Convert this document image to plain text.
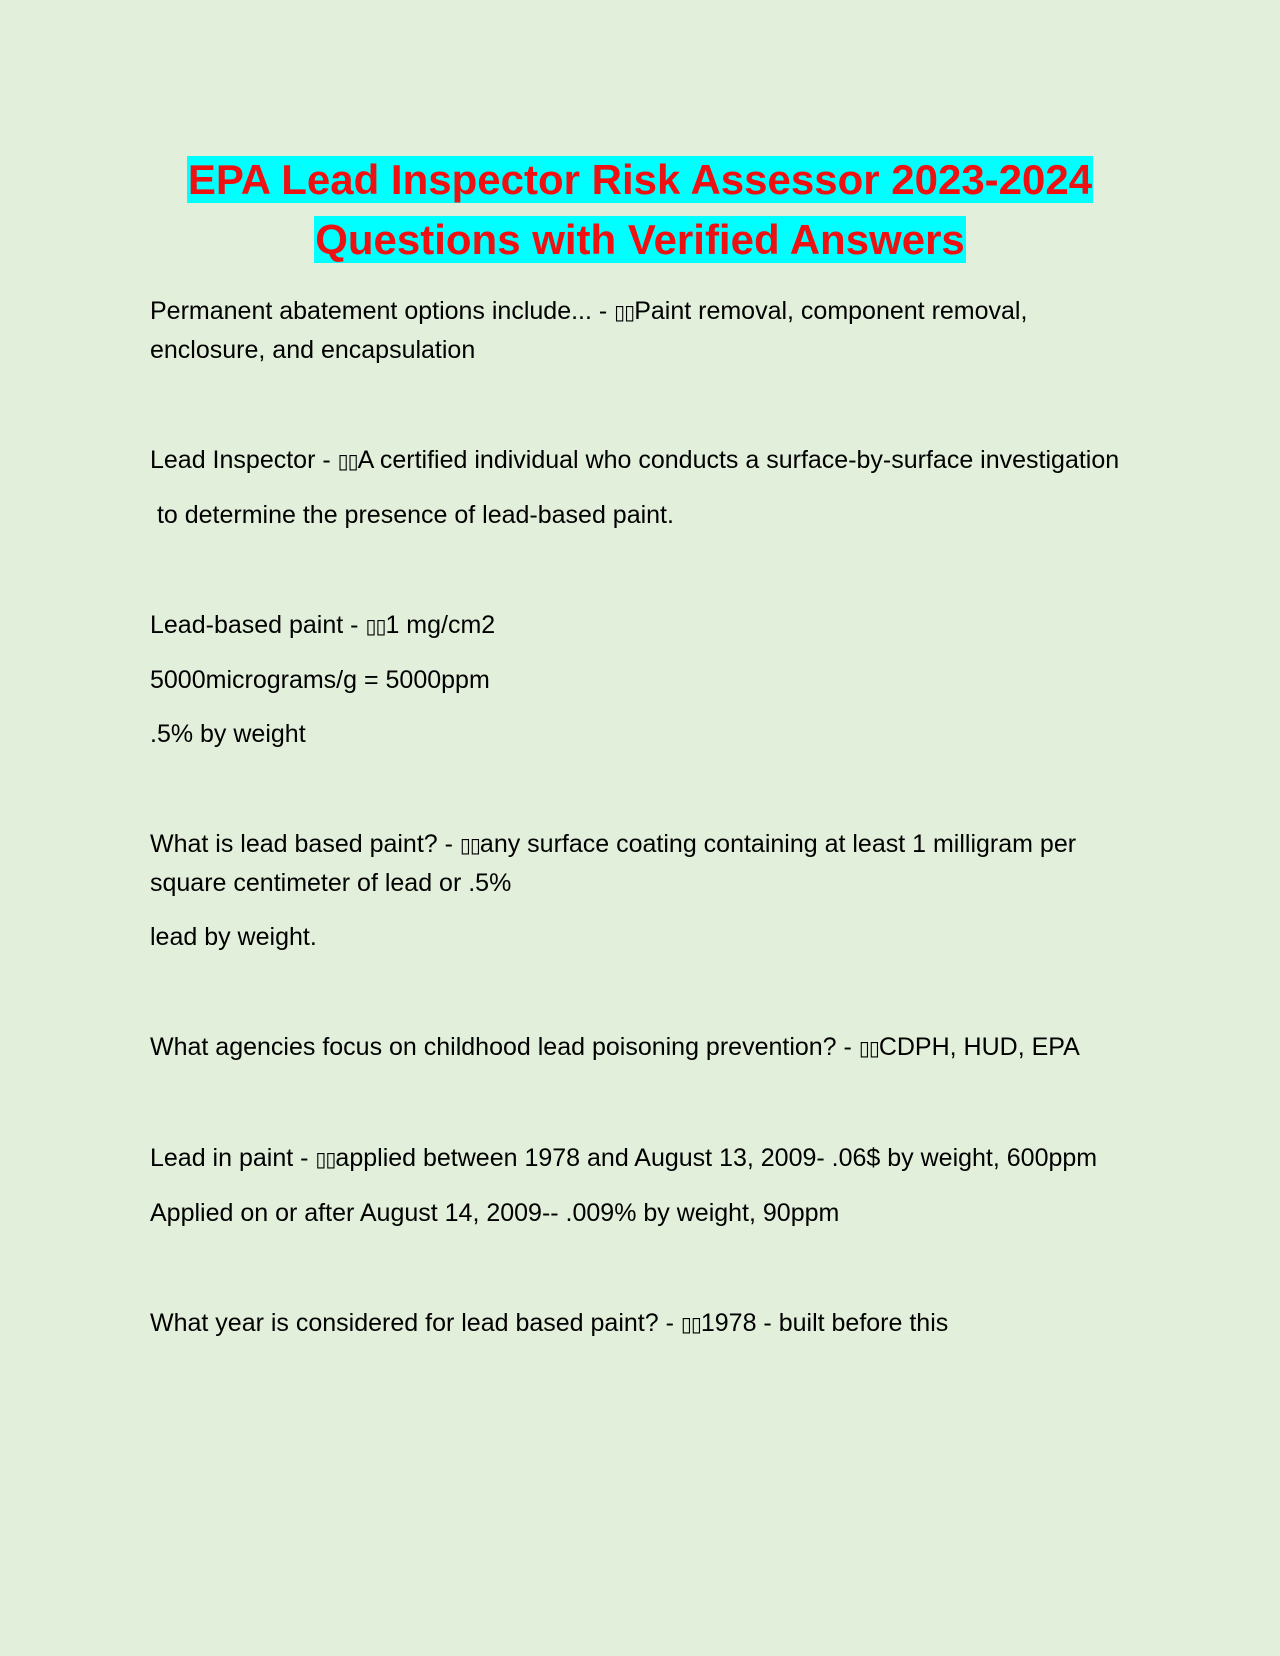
EPA Lead Inspector Risk Assessor 2023-2024 Questions with Verified Answers

Permanent abatement options include... - ▯▯Paint removal, component removal, enclosure, and encapsulation

Lead Inspector - ▯▯A certified individual who conducts a surface-by-surface investigation

to determine the presence of lead-based paint.

Lead-based paint - ▯▯1 mg/cm2

5000micrograms/g = 5000ppm

.5% by weight

What is lead based paint? - ▯▯any surface coating containing at least 1 milligram per square centimeter of lead or .5%

lead by weight.

What agencies focus on childhood lead poisoning prevention? - ▯▯CDPH, HUD, EPA

Lead in paint - ▯▯applied between 1978 and August 13, 2009- .06$ by weight, 600ppm

Applied on or after August 14, 2009-- .009% by weight, 90ppm

What year is considered for lead based paint? - ▯▯1978 - built before this
